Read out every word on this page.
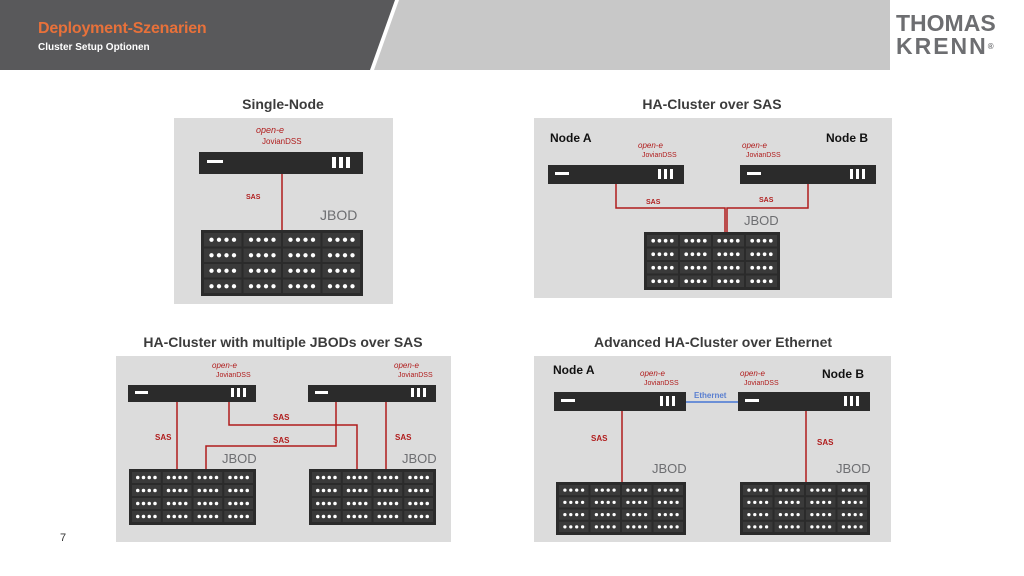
Deployment-Szenarien
Cluster Setup Optionen
THOMAS
KRENN®
Single-Node	HA-Cluster over SAS
HA-Cluster with multiple JBODs over SAS	Advanced HA-Cluster over Ethernet
open-e
JovianDSS
SAS
JBOD
Node A	Node B
open-e
JovianDSS
open-e
JovianDSS
SAS	SAS
JBOD
open-e
JovianDSS
open-e
JovianDSS
SAS
SAS
SAS	SAS
JBOD	JBOD
Node A	Node B
open-e
JovianDSS
open-e
JovianDSS
Ethernet
SAS	SAS
JBOD	JBOD
7
